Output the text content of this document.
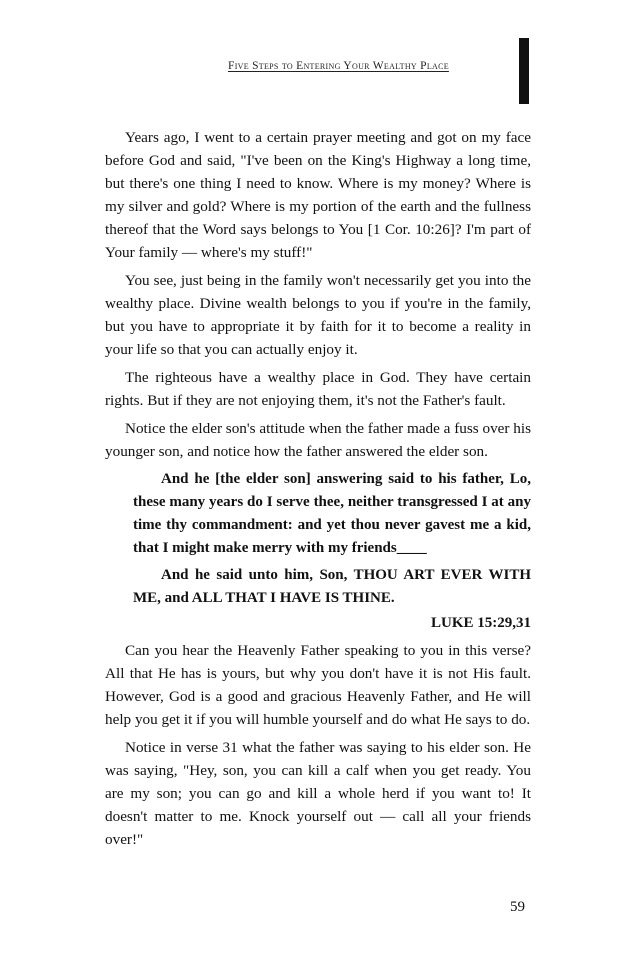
Five Steps to Entering Your Wealthy Place

Years ago, I went to a certain prayer meeting and got on my face before God and said, "I've been on the King's Highway a long time, but there's one thing I need to know. Where is my money? Where is my silver and gold? Where is my portion of the earth and the fullness thereof that the Word says belongs to You [1 Cor. 10:26]? I'm part of Your family — where's my stuff!"

You see, just being in the family won't necessarily get you into the wealthy place. Divine wealth belongs to you if you're in the family, but you have to appropriate it by faith for it to become a reality in your life so that you can actually enjoy it.

The righteous have a wealthy place in God. They have certain rights. But if they are not enjoying them, it's not the Father's fault.

Notice the elder son's attitude when the father made a fuss over his younger son, and notice how the father answered the elder son.

And he [the elder son] answering said to his father, Lo, these many years do I serve thee, neither transgressed I at any time thy commandment: and yet thou never gavest me a kid, that I might make merry with my friends____

And he said unto him, Son, THOU ART EVER WITH ME, and ALL THAT I HAVE IS THINE.

LUKE 15:29,31

Can you hear the Heavenly Father speaking to you in this verse? All that He has is yours, but why you don't have it is not His fault. However, God is a good and gracious Heavenly Father, and He will help you get it if you will humble yourself and do what He says to do.

Notice in verse 31 what the father was saying to his elder son. He was saying, "Hey, son, you can kill a calf when you get ready. You are my son; you can go and kill a whole herd if you want to! It doesn't matter to me. Knock yourself out — call all your friends over!"

59
